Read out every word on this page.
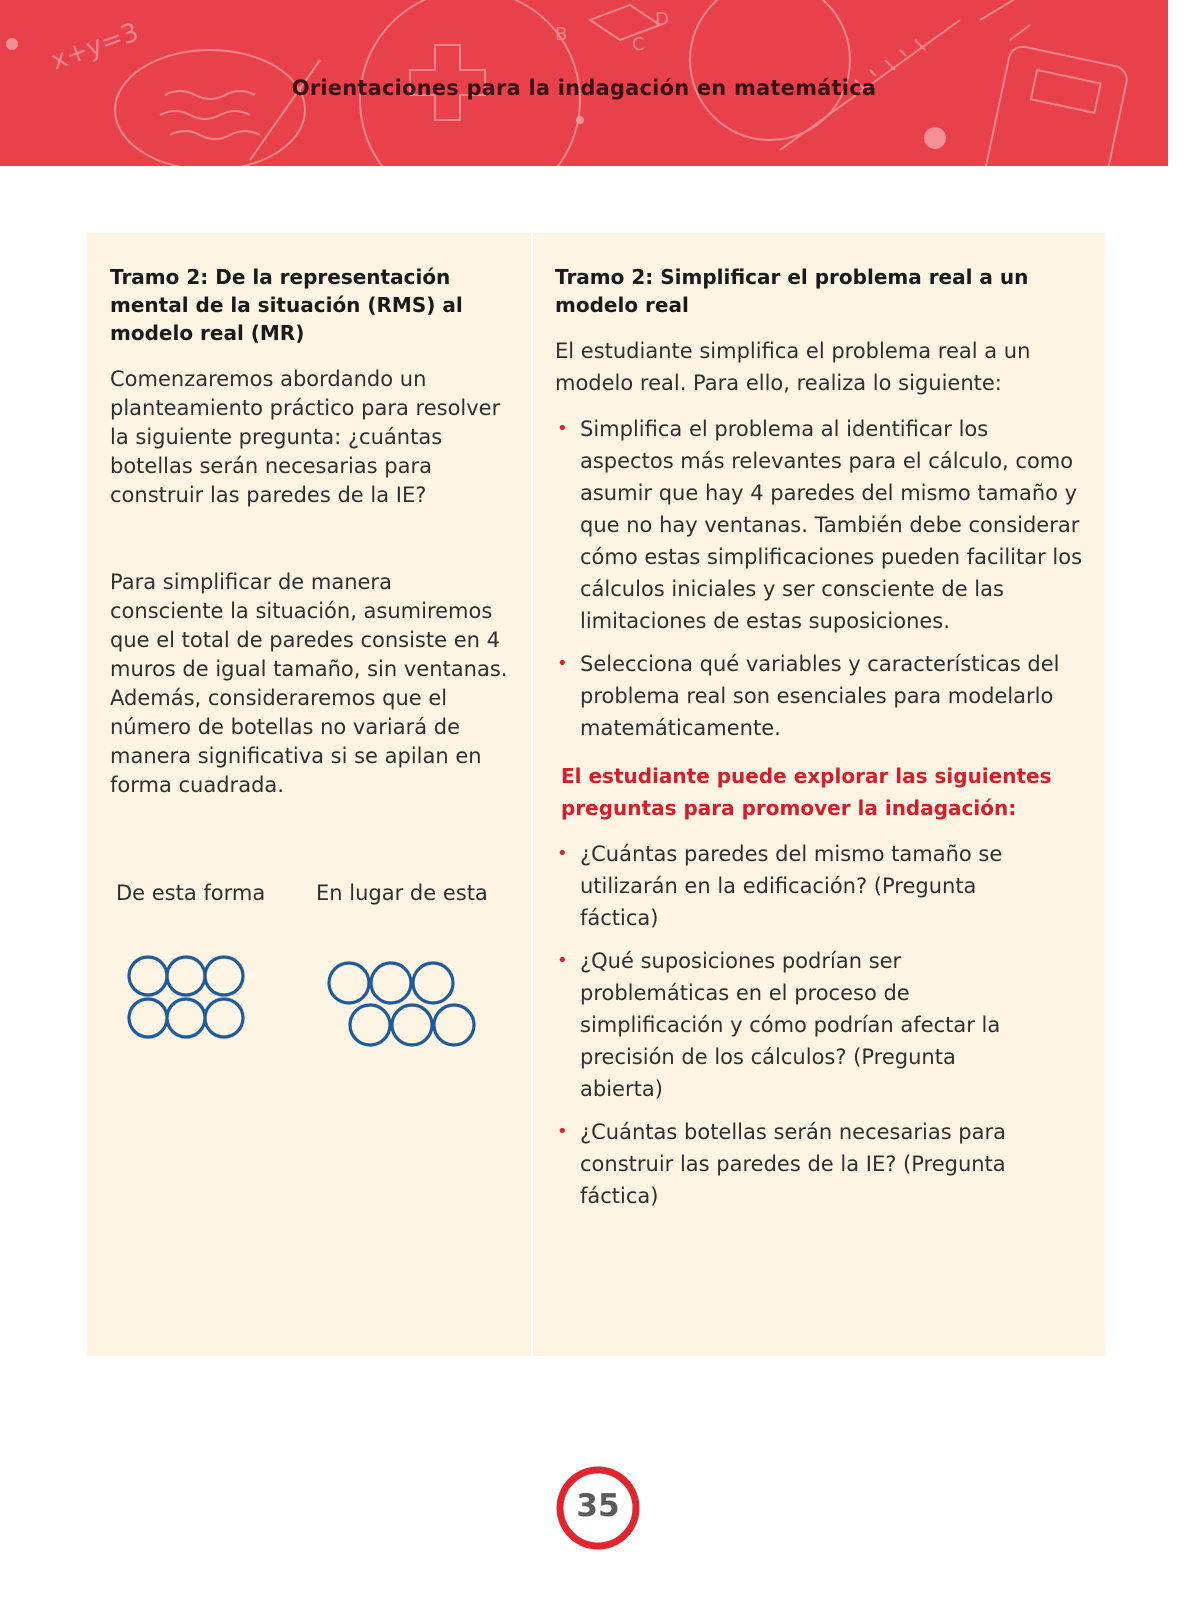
x+y=3	B	C
D
Orientaciones para la indagación en matemática

Tramo 2: De la representación mental de la situación (RMS) al modelo real (MR)

Comenzaremos abordando un planteamiento práctico para resolver la siguiente pregunta: ¿cuántas botellas serán necesarias para construir las paredes de la IE?

Para simplificar de manera consciente la situación, asumiremos que el total de paredes consiste en 4 muros de igual tamaño, sin ventanas. Además, consideraremos que el número de botellas no variará de manera significativa si se apilan en forma cuadrada.

De esta forma En lugar de esta

Tramo 2: Simplificar el problema real a un modelo real

El estudiante simplifica el problema real a un modelo real. Para ello, realiza lo siguiente:

• Simplifica el problema al identificar los aspectos más relevantes para el cálculo, como asumir que hay 4 paredes del mismo tamaño y que no hay ventanas. También debe considerar cómo estas simplificaciones pueden facilitar los cálculos iniciales y ser consciente de las limitaciones de estas suposiciones.
• Selecciona qué variables y características del problema real son esenciales para modelarlo matemáticamente.

El estudiante puede explorar las siguientes preguntas para promover la indagación:

• ¿Cuántas paredes del mismo tamaño se utilizarán en la edificación? (Pregunta fáctica)
• ¿Qué suposiciones podrían ser problemáticas en el proceso de simplificación y cómo podrían afectar la precisión de los cálculos? (Pregunta abierta)
• ¿Cuántas botellas serán necesarias para construir las paredes de la IE? (Pregunta fáctica)
35
